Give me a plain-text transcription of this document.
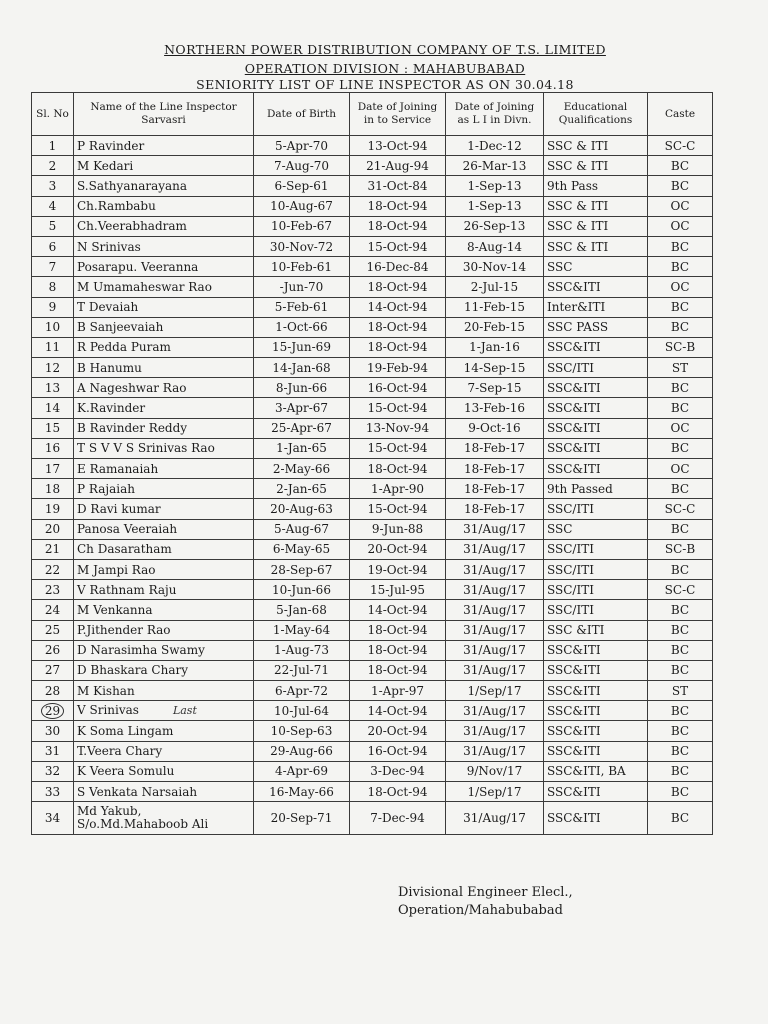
NORTHERN POWER DISTRIBUTION COMPANY OF T.S. LIMITED
OPERATION DIVISION : MAHABUBABAD
SENIORITY LIST OF LINE INSPECTOR AS ON 30.04.18
Sl. No	Name of the Line Inspector Sarvasri	Date of Birth	Date of Joining in to Service	Date of Joining as L I in Divn.	Educational Qualifications	Caste
1	P Ravinder	5-Apr-70	13-Oct-94	1-Dec-12	SSC & ITI	SC-C
2	M Kedari	7-Aug-70	21-Aug-94	26-Mar-13	SSC & ITI	BC
3	S.Sathyanarayana	6-Sep-61	31-Oct-84	1-Sep-13	9th Pass	BC
4	Ch.Rambabu	10-Aug-67	18-Oct-94	1-Sep-13	SSC & ITI	OC
5	Ch.Veerabhadram	10-Feb-67	18-Oct-94	26-Sep-13	SSC & ITI	OC
6	N Srinivas	30-Nov-72	15-Oct-94	8-Aug-14	SSC & ITI	BC
7	Posarapu. Veeranna	10-Feb-61	16-Dec-84	30-Nov-14	SSC	BC
8	M Umamaheswar Rao	-Jun-70	18-Oct-94	2-Jul-15	SSC&ITI	OC
9	T Devaiah	5-Feb-61	14-Oct-94	11-Feb-15	Inter&ITI	BC
10	B Sanjeevaiah	1-Oct-66	18-Oct-94	20-Feb-15	SSC PASS	BC
11	R Pedda Puram	15-Jun-69	18-Oct-94	1-Jan-16	SSC&ITI	SC-B
12	B Hanumu	14-Jan-68	19-Feb-94	14-Sep-15	SSC/ITI	ST
13	A Nageshwar Rao	8-Jun-66	16-Oct-94	7-Sep-15	SSC&ITI	BC
14	K.Ravinder	3-Apr-67	15-Oct-94	13-Feb-16	SSC&ITI	BC
15	B Ravinder Reddy	25-Apr-67	13-Nov-94	9-Oct-16	SSC&ITI	OC
16	T S V V S Srinivas Rao	1-Jan-65	15-Oct-94	18-Feb-17	SSC&ITI	BC
17	E Ramanaiah	2-May-66	18-Oct-94	18-Feb-17	SSC&ITI	OC
18	P Rajaiah	2-Jan-65	1-Apr-90	18-Feb-17	9th Passed	BC
19	D Ravi kumar	20-Aug-63	15-Oct-94	18-Feb-17	SSC/ITI	SC-C
20	Panosa Veeraiah	5-Aug-67	9-Jun-88	31/Aug/17	SSC	BC
21	Ch Dasaratham	6-May-65	20-Oct-94	31/Aug/17	SSC/ITI	SC-B
22	M Jampi Rao	28-Sep-67	19-Oct-94	31/Aug/17	SSC/ITI	BC
23	V Rathnam Raju	10-Jun-66	15-Jul-95	31/Aug/17	SSC/ITI	SC-C
24	M Venkanna	5-Jan-68	14-Oct-94	31/Aug/17	SSC/ITI	BC
25	P.Jithender Rao	1-May-64	18-Oct-94	31/Aug/17	SSC &ITI	BC
26	D Narasimha Swamy	1-Aug-73	18-Oct-94	31/Aug/17	SSC&ITI	BC
27	D Bhaskara Chary	22-Jul-71	18-Oct-94	31/Aug/17	SSC&ITI	BC
28	M Kishan	6-Apr-72	1-Apr-97	1/Sep/17	SSC&ITI	ST
29	V Srinivas Last	10-Jul-64	14-Oct-94	31/Aug/17	SSC&ITI	BC
30	K Soma Lingam	10-Sep-63	20-Oct-94	31/Aug/17	SSC&ITI	BC
31	T.Veera Chary	29-Aug-66	16-Oct-94	31/Aug/17	SSC&ITI	BC
32	K Veera Somulu	4-Apr-69	3-Dec-94	9/Nov/17	SSC&ITI, BA	BC
33	S Venkata Narsaiah	16-May-66	18-Oct-94	1/Sep/17	SSC&ITI	BC
34	Md Yakub, S/o.Md.Mahaboob Ali	20-Sep-71	7-Dec-94	31/Aug/17	SSC&ITI	BC
Divisional Engineer Elecl.,
Operation/Mahabubabad
